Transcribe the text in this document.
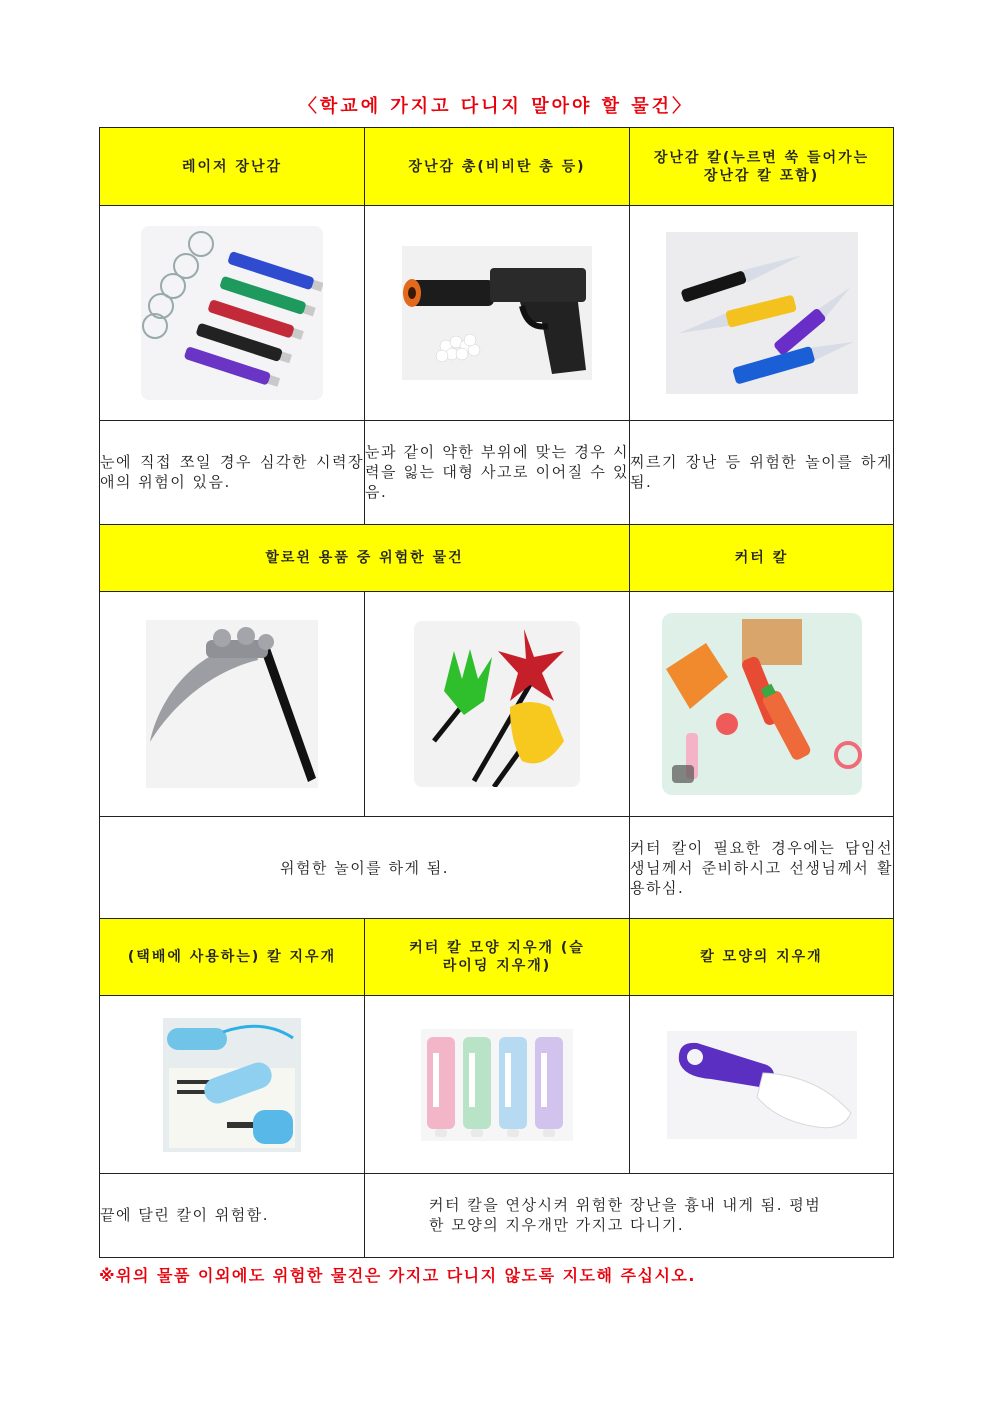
〈학교에 가지고 다니지 말아야 할 물건〉
레이저 장난감	장난감 총(비비탄 총 등)	장난감 칼(누르면 쑥 들어가는 장난감 칼 포함)

눈에 직접 쪼일 경우 심각한 시력장애의 위험이 있음.	눈과 같이 약한 부위에 맞는 경우 시력을 잃는 대형 사고로 이어질 수 있음.	찌르기 장난 등 위험한 놀이를 하게 됨.
할로윈 용품 중 위험한 물건		커터 칼

위험한 놀이를 하게 됨.		커터 칼이 필요한 경우에는 담임선생님께서 준비하시고 선생님께서 활용하심.
(택배에 사용하는) 칼 지우개	커터 칼 모양 지우개 (슬라이딩 지우개)	칼 모양의 지우개

끝에 달린 칼이 위험함.	커터 칼을 연상시켜 위험한 장난을 흉내 내게 됨. 평범한 모양의 지우개만 가지고 다니기.	
※위의 물품 이외에도 위험한 물건은 가지고 다니지 않도록 지도해 주십시오.
